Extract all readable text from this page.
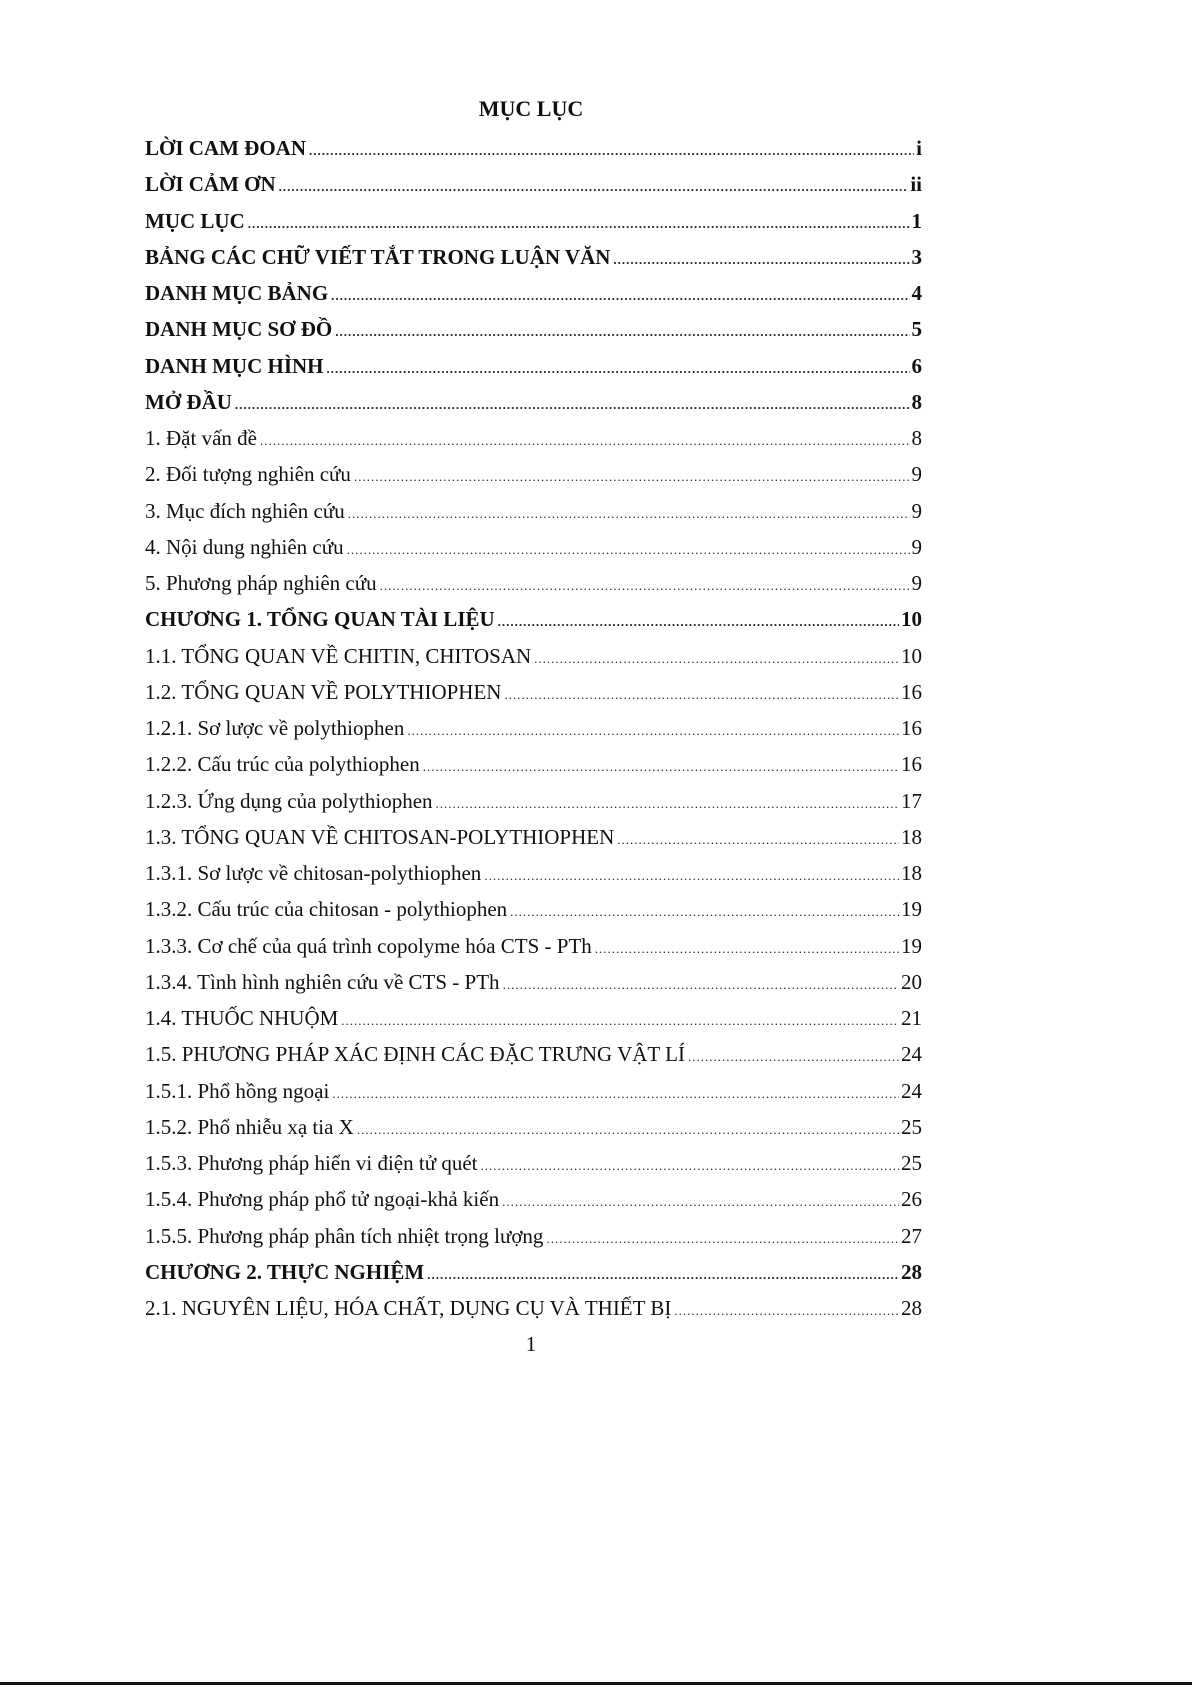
MỤC LỤC
LỜI CAM ĐOAN .....	i
LỜI CẢM ƠN .....	ii
MỤC LỤC .....	1
BẢNG CÁC CHỮ VIẾT TẮT TRONG LUẬN VĂN .....	3
DANH MỤC BẢNG .....	4
DANH MỤC SƠ ĐỒ .....	5
DANH MỤC HÌNH .....	6
MỞ ĐẦU .....	8
1. Đặt vấn đề .....	8
2. Đối tượng nghiên cứu .....	9
3. Mục đích nghiên cứu .....	9
4. Nội dung nghiên cứu .....	9
5. Phương pháp nghiên cứu .....	9
CHƯƠNG 1. TỔNG QUAN TÀI LIỆU .....	10
1.1. TỔNG QUAN VỀ CHITIN, CHITOSAN .....	10
1.2. TỔNG QUAN VỀ POLYTHIOPHEN .....	16
1.2.1. Sơ lược về polythiophen .....	16
1.2.2. Cấu trúc của polythiophen .....	16
1.2.3. Ứng dụng của polythiophen .....	17
1.3. TỔNG QUAN VỀ CHITOSAN-POLYTHIOPHEN .....	18
1.3.1. Sơ lược về chitosan-polythiophen .....	18
1.3.2. Cấu trúc của chitosan - polythiophen .....	19
1.3.3. Cơ chế của quá trình copolyme hóa CTS - PTh .....	19
1.3.4. Tình hình nghiên cứu về CTS - PTh .....	20
1.4. THUỐC NHUỘM .....	21
1.5. PHƯƠNG PHÁP XÁC ĐỊNH CÁC ĐẶC TRƯNG VẬT LÍ .....	24
1.5.1. Phổ hồng ngoại .....	24
1.5.2. Phổ nhiễu xạ tia X .....	25
1.5.3. Phương pháp hiển vi điện tử quét .....	25
1.5.4. Phương pháp phổ tử ngoại-khả kiến .....	26
1.5.5. Phương pháp phân tích nhiệt trọng lượng .....	27
CHƯƠNG 2. THỰC NGHIỆM .....	28
2.1. NGUYÊN LIỆU, HÓA CHẤT, DỤNG CỤ VÀ THIẾT BỊ .....	28
1
